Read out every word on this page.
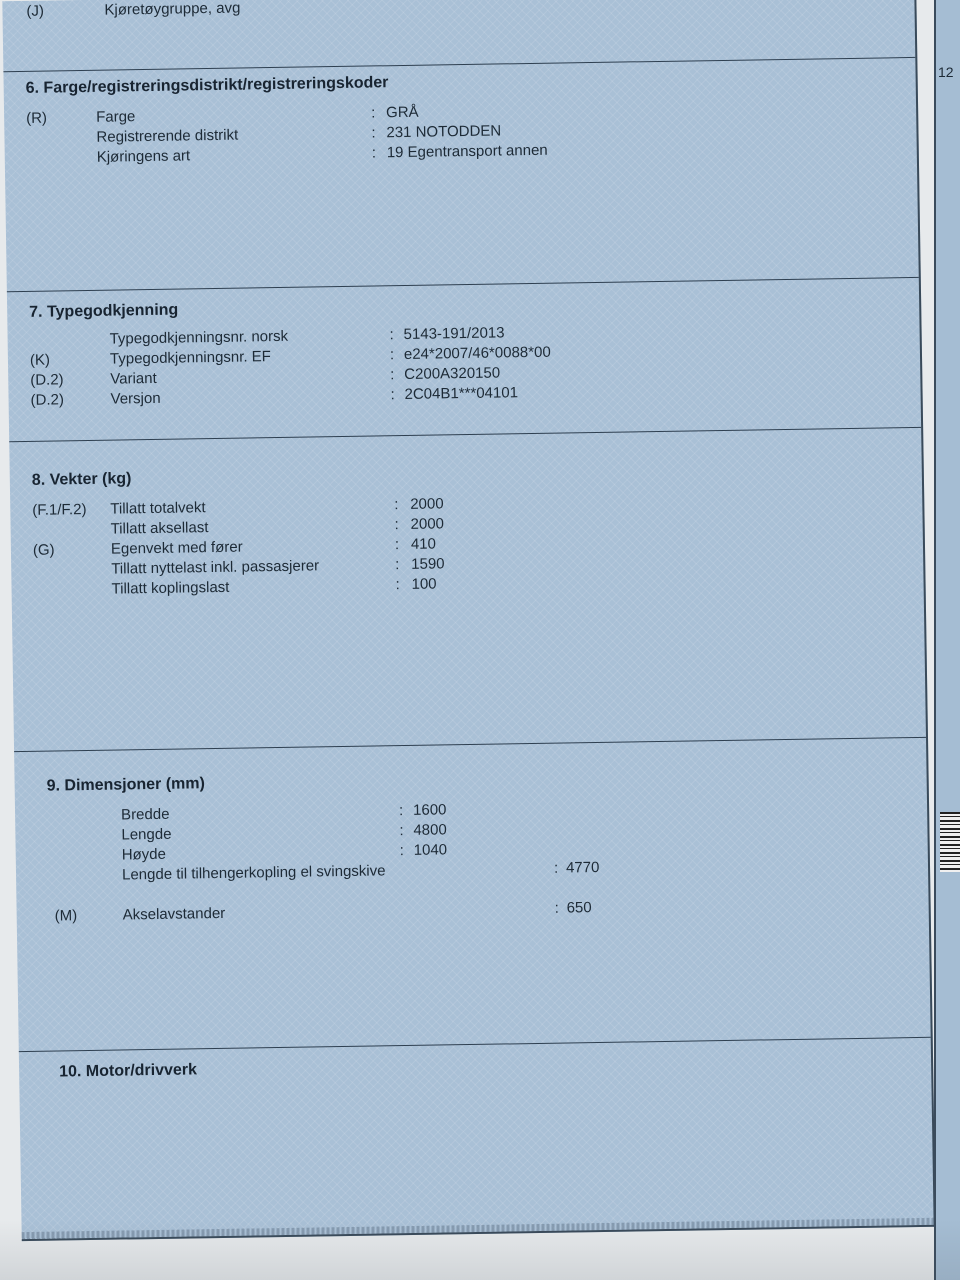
(J)	Kjøretøygruppe, avg
6. Farge/registreringsdistrikt/registreringskoder
(R)	Farge	: GRÅ
Registrerende distrikt	: 231 NOTODDEN
Kjøringens art	: 19 Egentransport annen
7. Typegodkjenning
Typegodkjenningsnr. norsk	: 5143-191/2013
(K)	Typegodkjenningsnr. EF	: e24*2007/46*0088*00
(D.2)	Variant	: C200A320150
(D.2)	Versjon	: 2C04B1***04101
8. Vekter (kg)
(F.1/F.2) Tillatt totalvekt	: 2000
Tillatt aksellast	: 2000
(G)	Egenvekt med fører	: 410
Tillatt nyttelast inkl. passasjerer	: 1590
Tillatt koplingslast	: 100
9. Dimensjoner (mm)
Bredde	: 1600
Lengde	: 4800
Høyde	: 1040
Lengde til tilhengerkopling el svingskive	: 4770
(M)	Akselavstander	: 650
10. Motor/drivverk
12
